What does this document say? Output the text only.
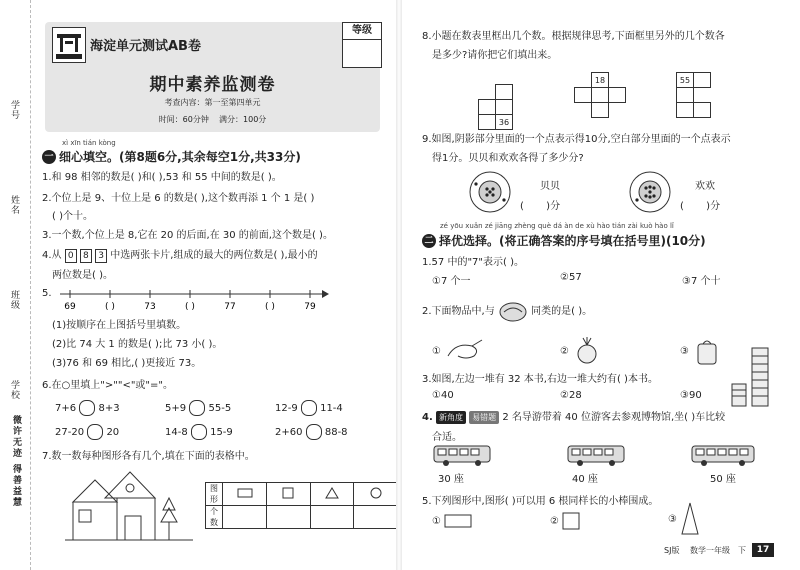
学号
姓名
班级
学校
微许无迹 得善益慧
海淀单元测试AB卷
等级
期中素养监测卷
考查内容：第一至第四单元
时间：60分钟 满分：100分
xì xīn tián kòng
一 细心填空。(第8题6分,其余每空1分,共33分)
1.和 98 相邻的数是( )和( ),53 和 55 中间的数是( )。
2.个位上是 9、十位上是 6 的数是( ),这个数再添 1 个 1 是( )
( )个十。
3.一个数,个位上是 8,它在 20 的后面,在 30 的前面,这个数是( )。
4.从 0 8 3 中选两张卡片,组成的最大的两位数是( ),最小的
两位数是( )。
5.
69	( )	73	( )	77	( )	79
(1)按顺序在上图括号里填数。
(2)比 74 大 1 的数是( );比 73 小( )。
(3)76 和 69 相比,( )更接近 73。
6.在○里填上">""<"或"="。
7+6 8+3	5+9 55-5	12-9 11-4
27-20 20	14-8 15-9	2+60 88-8
7.数一数每种图形各有几个,填在下面的表格中。
图形				
个数				
8.小题在数表里框出几个数。根据规律思考,下面框里另外的几个数各
是多少?请你把它们填出来。

	36
	18	

		55	

9.如图,阴影部分里面的一个点表示得10分,空白部分里面的一个点表示
得1分。贝贝和欢欢各得了多少分?
贝贝
(       )分
欢欢
(       )分
zé yōu xuǎn zé jiāng zhèng què dá àn de xù hào tián zài kuò hào lǐ
二 择优选择。(将正确答案的序号填在括号里)(10分)
1.57 中的"7"表示( )。
①7 个一	②57	③7 个十
2.下面物品中,与	同类的是( )。
①	②	③
3.如图,左边一堆有 32 本书,右边一堆大约有( )本书。
①40	②28	③90
4. 新角度 易错题 2 名导游带着 40 位游客去参观博物馆,坐( )车比较
合适。
30 座	40 座	50 座
5.下列图形中,图形( )可以用 6 根同样长的小棒围成。
①	②	③
SJ版 数学一年级 下	17
